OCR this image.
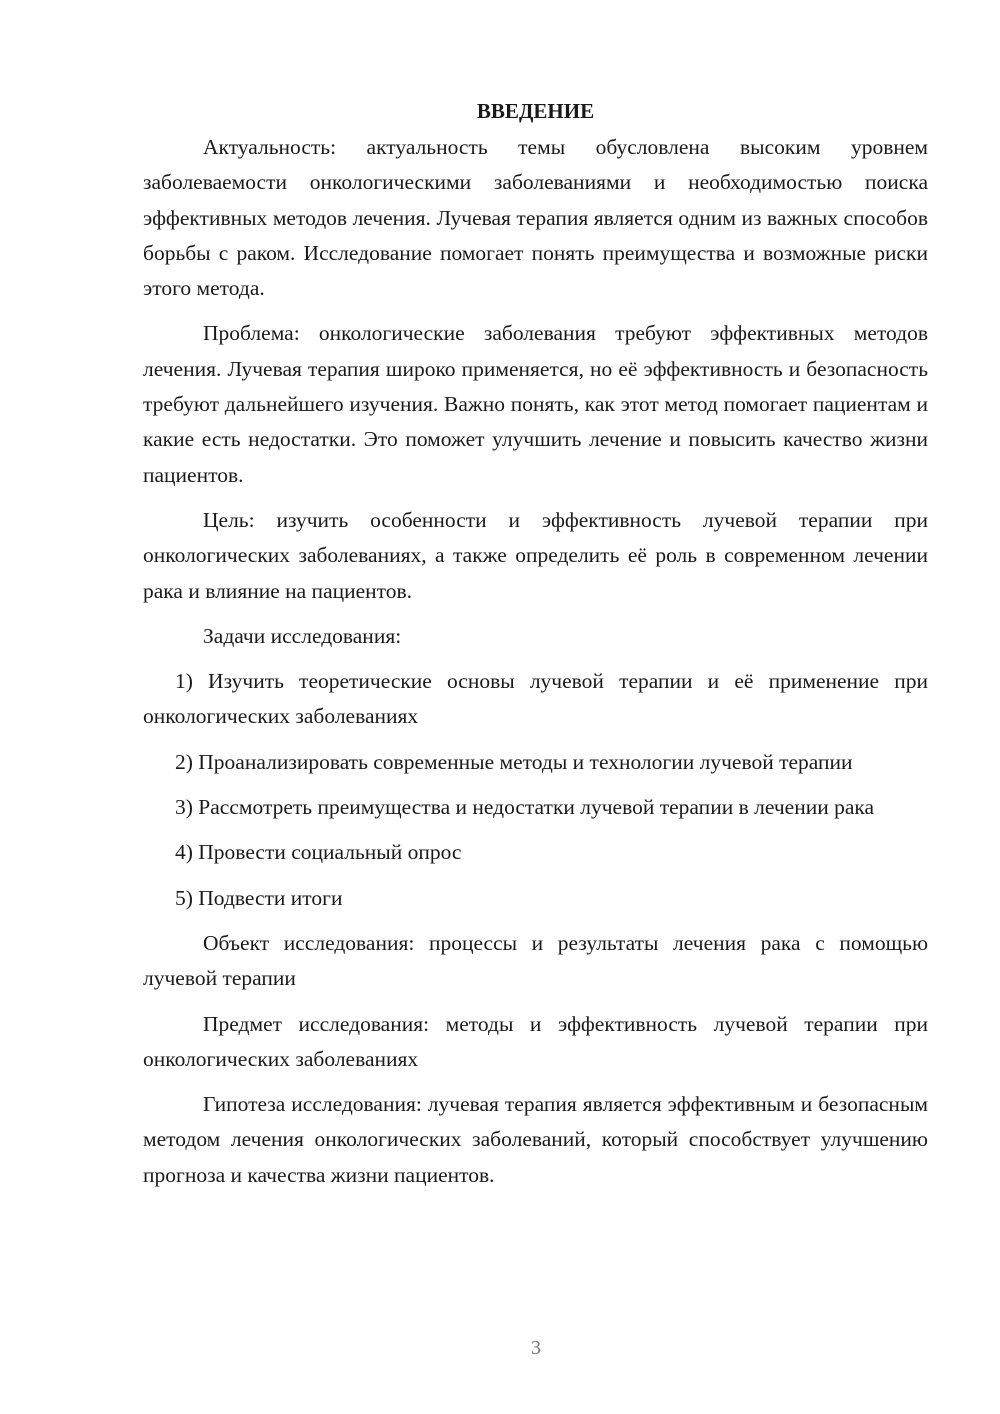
ВВЕДЕНИЕ

Актуальность: актуальность темы обусловлена высоким уровнем заболеваемости онкологическими заболеваниями и необходимостью поиска эффективных методов лечения. Лучевая терапия является одним из важных способов борьбы с раком. Исследование помогает понять преимущества и возможные риски этого метода.

Проблема: онкологические заболевания требуют эффективных методов лечения. Лучевая терапия широко применяется, но её эффективность и безопасность требуют дальнейшего изучения. Важно понять, как этот метод помогает пациентам и какие есть недостатки. Это поможет улучшить лечение и повысить качество жизни пациентов.

Цель: изучить особенности и эффективность лучевой терапии при онкологических заболеваниях, а также определить её роль в современном лечении рака и влияние на пациентов.

Задачи исследования:

1) Изучить теоретические основы лучевой терапии и её применение при онкологических заболеваниях

2) Проанализировать современные методы и технологии лучевой терапии

3) Рассмотреть преимущества и недостатки лучевой терапии в лечении рака

4) Провести социальный опрос

5) Подвести итоги

Объект исследования: процессы и результаты лечения рака с помощью лучевой терапии

Предмет исследования: методы и эффективность лучевой терапии при онкологических заболеваниях

Гипотеза исследования: лучевая терапия является эффективным и безопасным методом лечения онкологических заболеваний, который способствует улучшению прогноза и качества жизни пациентов.

3
